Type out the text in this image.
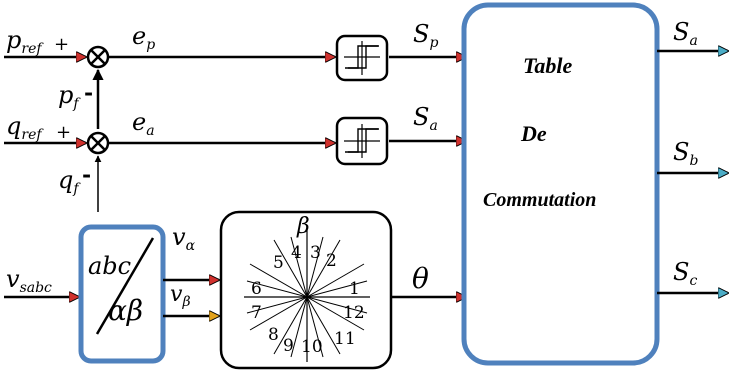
$p_{ref}$ +
$p_f$ -
$e_p$	$S_p$
$q_{ref}$ +
$q_f$
-
$e_a$	$S_a$
$v_{sabc}$
abc
αβ
$v_\alpha$
$v_\beta$
β
1
2
3
4
5
6
7
8
9 10 11
12
θ
Table
De
Commutation
$S_a$
$S_b$
$S_c$
